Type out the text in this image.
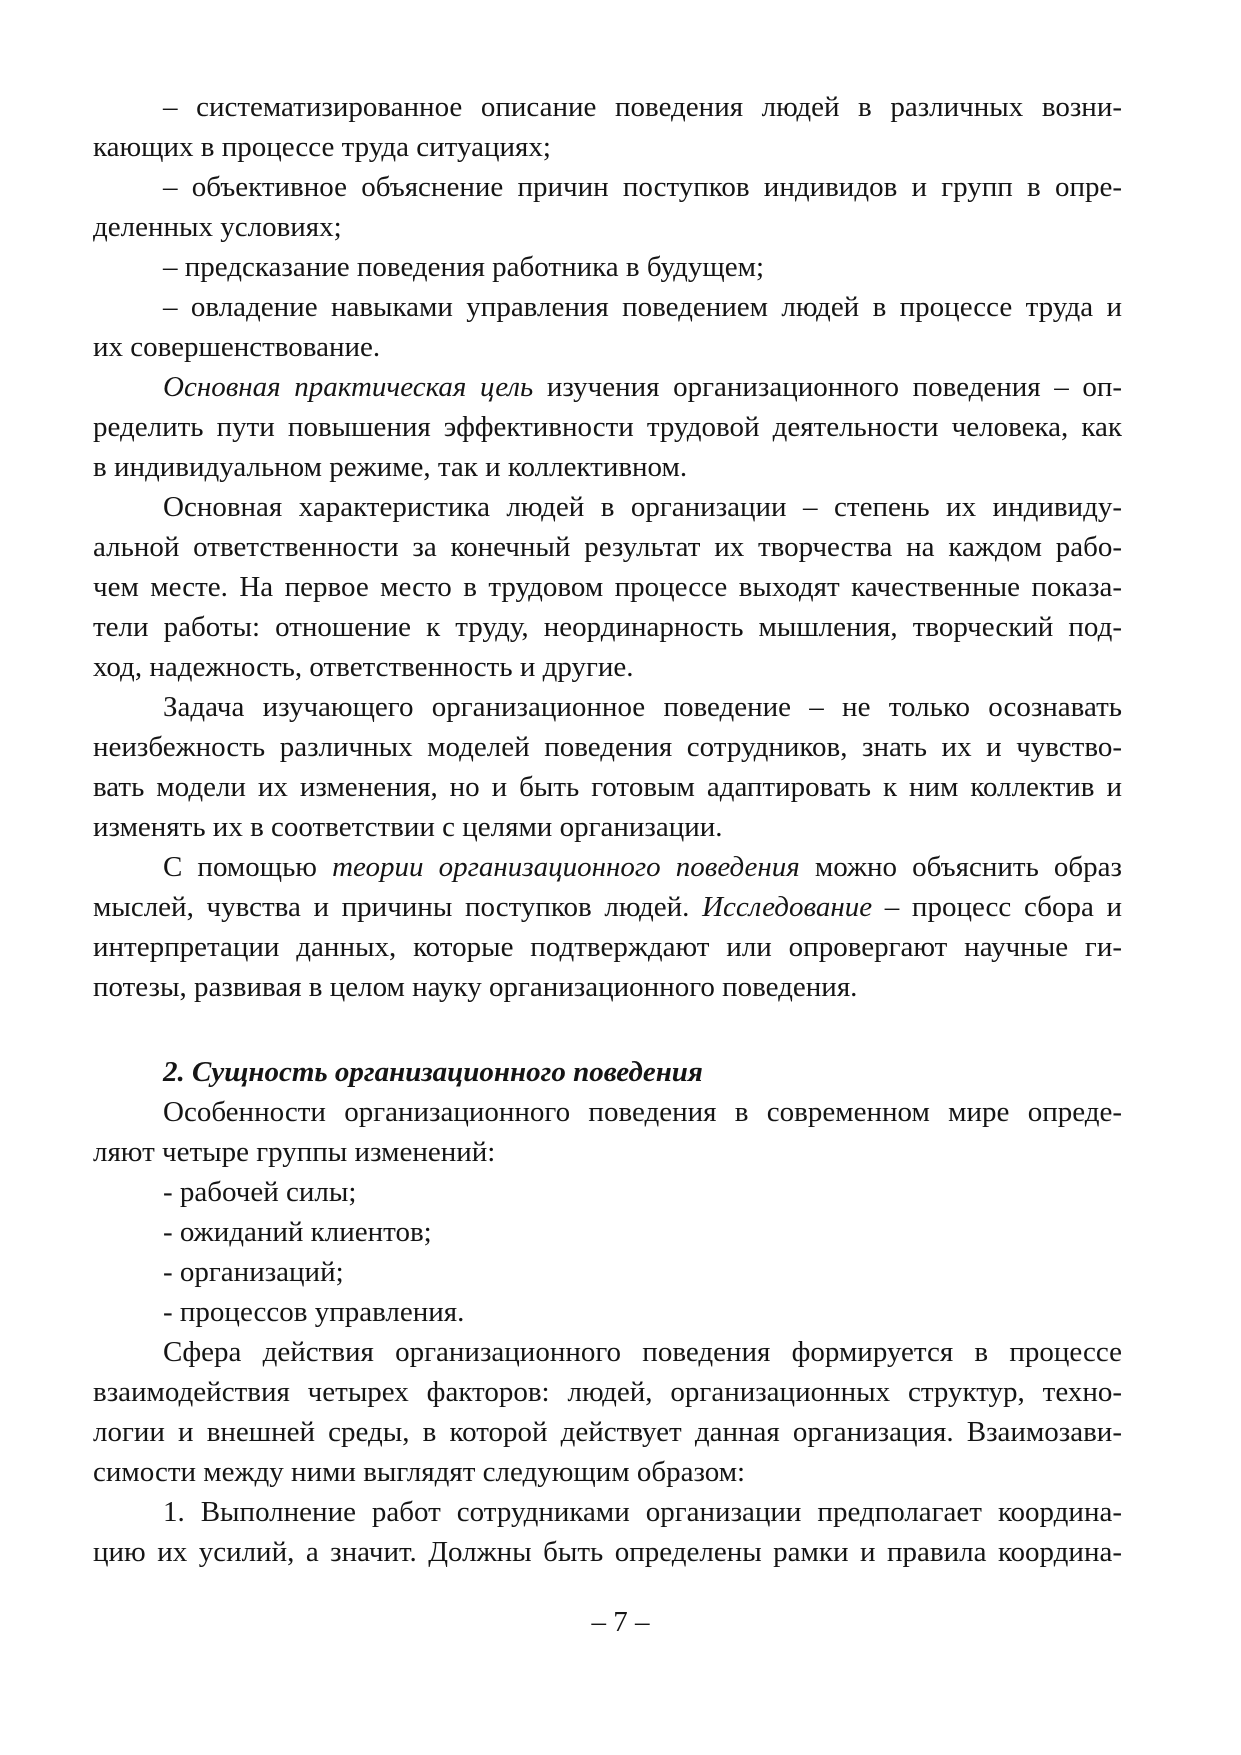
– систематизированное описание поведения людей в различных возни-
кающих в процессе труда ситуациях;
– объективное объяснение причин поступков индивидов и групп в опре-
деленных условиях;
– предсказание поведения работника в будущем;
– овладение навыками управления поведением людей в процессе труда и
их совершенствование.
Основная практическая цель изучения организационного поведения – оп-
ределить пути повышения эффективности трудовой деятельности человека, как
в индивидуальном режиме, так и коллективном.
Основная характеристика людей в организации – степень их индивиду-
альной ответственности за конечный результат их творчества на каждом рабо-
чем месте. На первое место в трудовом процессе выходят качественные показа-
тели работы: отношение к труду, неординарность мышления, творческий под-
ход, надежность, ответственность и другие.
Задача изучающего организационное поведение – не только осознавать
неизбежность различных моделей поведения сотрудников, знать их и чувство-
вать модели их изменения, но и быть готовым адаптировать к ним коллектив и
изменять их в соответствии с целями организации.
С помощью теории организационного поведения можно объяснить образ
мыслей, чувства и причины поступков людей. Исследование – процесс сбора и
интерпретации данных, которые подтверждают или опровергают научные ги-
потезы, развивая в целом науку организационного поведения.
2. Сущность организационного поведения
Особенности организационного поведения в современном мире опреде-
ляют четыре группы изменений:
- рабочей силы;
- ожиданий клиентов;
- организаций;
- процессов управления.
Сфера действия организационного поведения формируется в процессе
взаимодействия четырех факторов: людей, организационных структур, техно-
логии и внешней среды, в которой действует данная организация. Взаимозави-
симости между ними выглядят следующим образом:
1. Выполнение работ сотрудниками организации предполагает координа-
цию их усилий, а значит. Должны быть определены рамки и правила координа-
– 7 –
